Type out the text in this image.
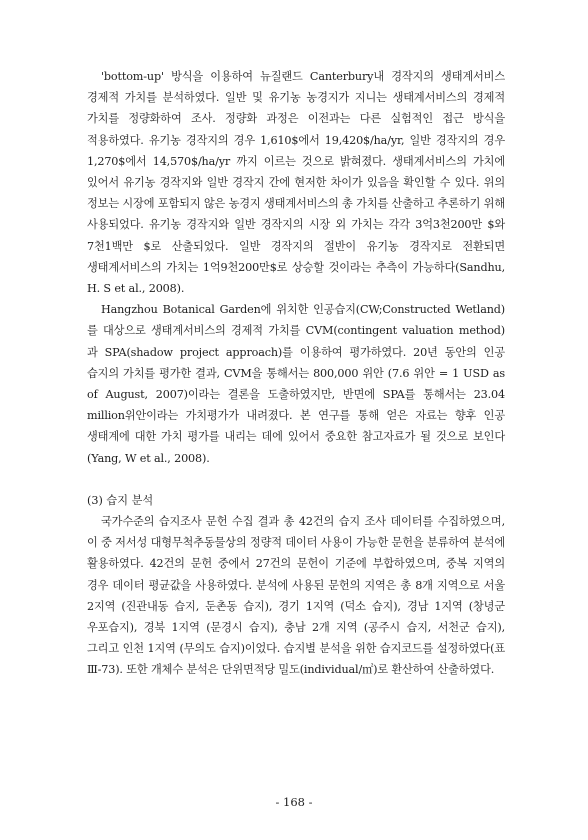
'bottom-up' 방식을 이용하여 뉴질랜드 Canterbury내 경작지의 생태계서비스 경제적 가치를 분석하였다. 일반 및 유기농 농경지가 지니는 생태계서비스의 경제적 가치를 정량화하여 조사. 정량화 과정은 이전과는 다른 실험적인 접근 방식을 적용하였다. 유기농 경작지의 경우 1,610$에서 19,420$/ha/yr, 일반 경작지의 경우 1,270$에서 14,570$/ha/yr 까지 이르는 것으로 밝혀졌다. 생태계서비스의 가치에 있어서 유기농 경작지와 일반 경작지 간에 현저한 차이가 있음을 확인할 수 있다. 위의 정보는 시장에 포함되지 않은 농경지 생태계서비스의 총 가치를 산출하고 추론하기 위해 사용되었다. 유기농 경작지와 일반 경작지의 시장 외 가치는 각각 3억3천200만 $와 7천1백만 $로 산출되었다. 일반 경작지의 절반이 유기농 경작지로 전환되면 생태계서비스의 가치는 1억9천200만$로 상승할 것이라는 추측이 가능하다(Sandhu, H. S et al., 2008).

Hangzhou Botanical Garden에 위치한 인공습지(CW;Constructed Wetland)를 대상으로 생태계서비스의 경제적 가치를 CVM(contingent valuation method) 과 SPA(shadow project approach)를 이용하여 평가하였다. 20년 동안의 인공 습지의 가치를 평가한 결과, CVM을 통해서는 800,000 위안 (7.6 위안 = 1 USD as of August, 2007)이라는 결론을 도출하였지만, 반면에 SPA를 통해서는 23.04 million위안이라는 가치평가가 내려졌다. 본 연구를 통해 얻은 자료는 향후 인공 생태계에 대한 가치 평가를 내리는 데에 있어서 중요한 참고자료가 될 것으로 보인다(Yang, W et al., 2008).

(3) 습지 분석

국가수준의 습지조사 문헌 수집 결과 총 42건의 습지 조사 데이터를 수집하였으며, 이 중 저서성 대형무척추동물상의 정량적 데이터 사용이 가능한 문헌을 분류하여 분석에 활용하였다. 42건의 문헌 중에서 27건의 문헌이 기준에 부합하였으며, 중복 지역의 경우 데이터 평균값을 사용하였다. 분석에 사용된 문헌의 지역은 총 8개 지역으로 서울 2지역 (진관내동 습지, 둔촌동 습지), 경기 1지역 (덕소 습지), 경남 1지역 (창녕군 우포습지), 경북 1지역 (문경시 습지), 충남 2개 지역 (공주시 습지, 서천군 습지), 그리고 인천 1지역 (무의도 습지)이었다. 습지별 분석을 위한 습지코드를 설정하였다(표 Ⅲ-73). 또한 개체수 분석은 단위면적당 밀도(individual/㎡)로 환산하여 산출하였다.

- 168 -
